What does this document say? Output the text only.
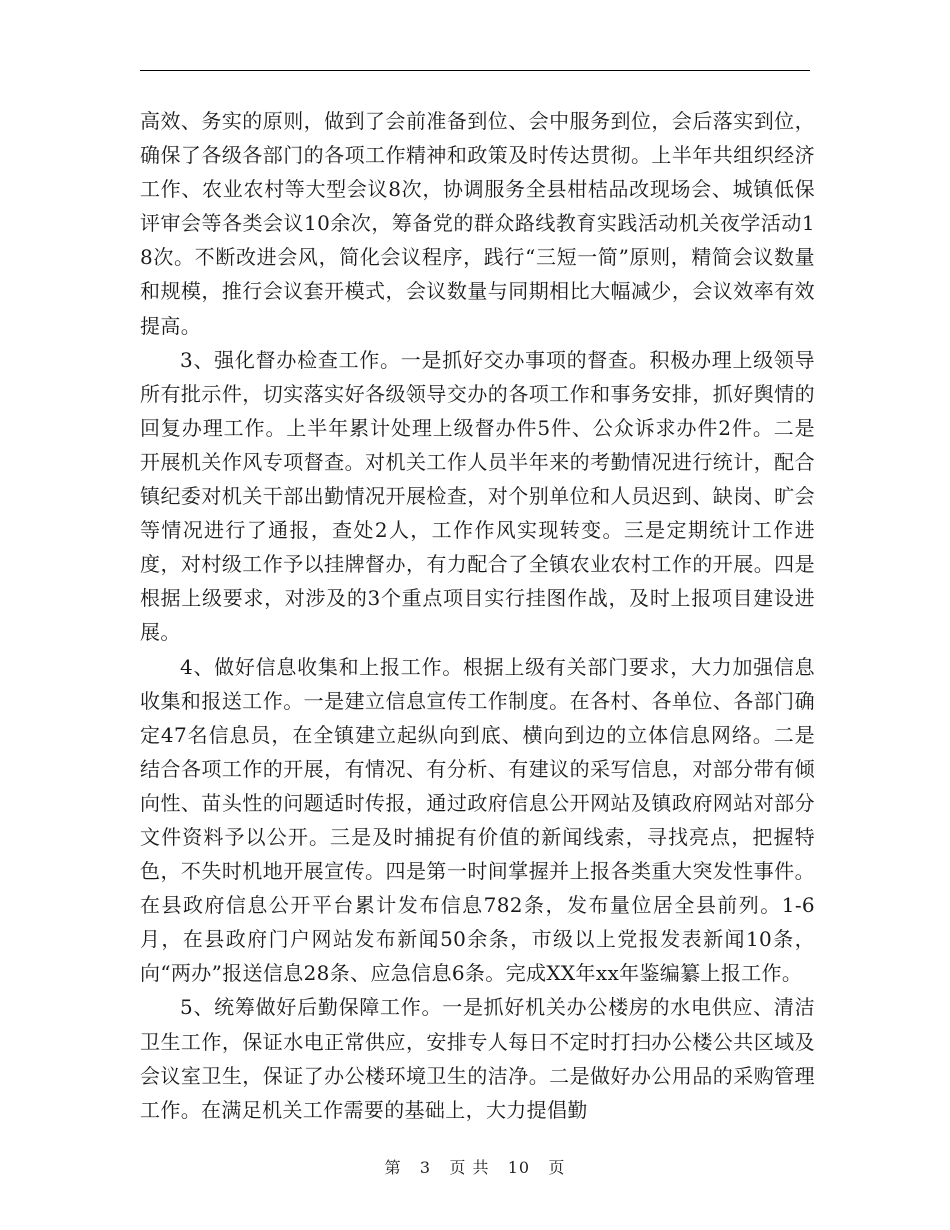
高效、务实的原则，做到了会前准备到位、会中服务到位，会后落实到位，确保了各级各部门的各项工作精神和政策及时传达贯彻。上半年共组织经济工作、农业农村等大型会议8次，协调服务全县柑桔品改现场会、城镇低保评审会等各类会议10余次，筹备党的群众路线教育实践活动机关夜学活动18次。不断改进会风，简化会议程序，践行“三短一简”原则，精简会议数量和规模，推行会议套开模式，会议数量与同期相比大幅减少，会议效率有效提高。

3、强化督办检查工作。一是抓好交办事项的督查。积极办理上级领导所有批示件，切实落实好各级领导交办的各项工作和事务安排，抓好舆情的回复办理工作。上半年累计处理上级督办件5件、公众诉求办件2件。二是开展机关作风专项督查。对机关工作人员半年来的考勤情况进行统计，配合镇纪委对机关干部出勤情况开展检查，对个别单位和人员迟到、缺岗、旷会等情况进行了通报，查处2人，工作作风实现转变。三是定期统计工作进度，对村级工作予以挂牌督办，有力配合了全镇农业农村工作的开展。四是根据上级要求，对涉及的3个重点项目实行挂图作战，及时上报项目建设进展。

4、做好信息收集和上报工作。根据上级有关部门要求，大力加强信息收集和报送工作。一是建立信息宣传工作制度。在各村、各单位、各部门确定47名信息员，在全镇建立起纵向到底、横向到边的立体信息网络。二是结合各项工作的开展，有情况、有分析、有建议的采写信息，对部分带有倾向性、苗头性的问题适时传报，通过政府信息公开网站及镇政府网站对部分文件资料予以公开。三是及时捕捉有价值的新闻线索，寻找亮点，把握特色，不失时机地开展宣传。四是第一时间掌握并上报各类重大突发性事件。在县政府信息公开平台累计发布信息782条，发布量位居全县前列。1-6月，在县政府门户网站发布新闻50余条，市级以上党报发表新闻10条，向“两办”报送信息28条、应急信息6条。完成XX年xx年鉴编纂上报工作。

5、统筹做好后勤保障工作。一是抓好机关办公楼房的水电供应、清洁卫生工作，保证水电正常供应，安排专人每日不定时打扫办公楼公共区域及会议室卫生，保证了办公楼环境卫生的洁净。二是做好办公用品的采购管理工作。在满足机关工作需要的基础上，大力提倡勤

第 3 页 共 10 页
